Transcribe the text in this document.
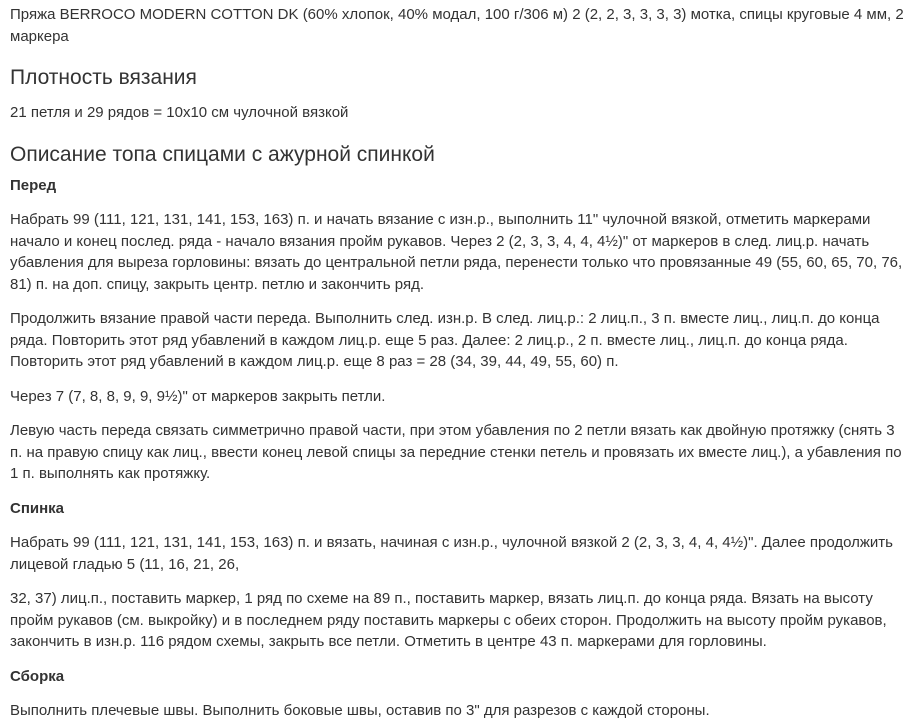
Пряжа BERROCO MODERN COTTON DK (60% хлопок, 40% модал, 100 г/306 м) 2 (2, 2, 3, 3, 3, 3) мотка, спицы круговые 4 мм, 2 маркера

Плотность вязания

21 петля и 29 рядов = 10х10 см чулочной вязкой

Описание топа спицами с ажурной спинкой
Перед

Набрать 99 (111, 121, 131, 141, 153, 163) п. и начать вязание с изн.р., выполнить 11" чулочной вязкой, отметить маркерами начало и конец послед. ряда - начало вязания пройм рукавов. Через 2 (2, 3, 3, 4, 4, 4½)" от маркеров в след. лиц.р. начать убавления для выреза горловины: вязать до центральной петли ряда, перенести только что провязанные 49 (55, 60, 65, 70, 76, 81) п. на доп. спицу, закрыть центр. петлю и закончить ряд.

Продолжить вязание правой части переда. Выполнить след. изн.р. В след. лиц.р.: 2 лиц.п., 3 п. вместе лиц., лиц.п. до конца ряда. Повторить этот ряд убавлений в каждом лиц.р. еще 5 раз. Далее: 2 лиц.р., 2 п. вместе лиц., лиц.п. до конца ряда. Повторить этот ряд убавлений в каждом лиц.р. еще 8 раз = 28 (34, 39, 44, 49, 55, 60) п.

Через 7 (7, 8, 8, 9, 9, 9½)" от маркеров закрыть петли.

Левую часть переда связать симметрично правой части, при этом убавления по 2 петли вязать как двойную протяжку (снять 3 п. на правую спицу как лиц., ввести конец левой спицы за передние стенки петель и провязать их вместе лиц.), а убавления по 1 п. выполнять как протяжку.

Спинка

Набрать 99 (111, 121, 131, 141, 153, 163) п. и вязать, начиная с изн.р., чулочной вязкой 2 (2, 3, 3, 4, 4, 4½)". Далее продолжить лицевой гладью 5 (11, 16, 21, 26,

32, 37) лиц.п., поставить маркер, 1 ряд по схеме на 89 п., поставить маркер, вязать лиц.п. до конца ряда. Вязать на высоту пройм рукавов (см. выкройку) и в последнем ряду поставить маркеры с обеих сторон. Продолжить на высоту пройм рукавов, закончить в изн.р. 116 рядом схемы, закрыть все петли. Отметить в центре 43 п. маркерами для горловины.

Сборка

Выполнить плечевые швы. Выполнить боковые швы, оставив по 3" для разрезов с каждой стороны.
